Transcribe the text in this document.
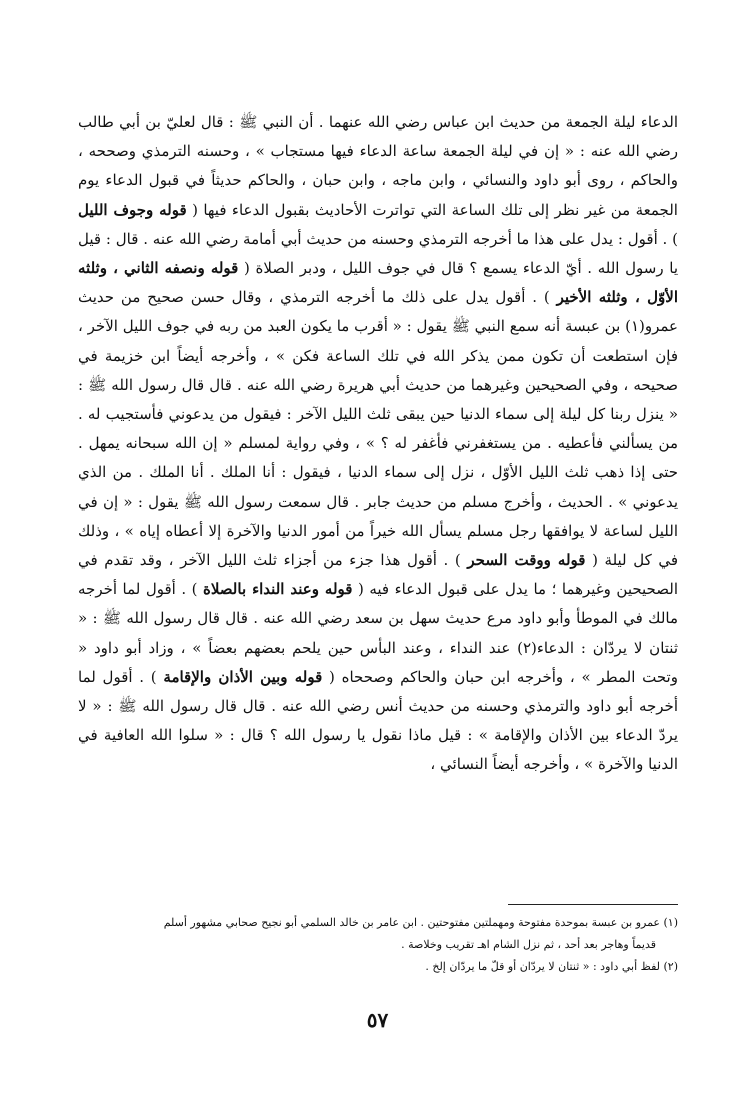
الدعاء ليلة الجمعة من حديث ابن عباس رضي الله عنهما . أن النبي ﷺ : قال لعليّ بن أبي طالب رضي الله عنه : « إن في ليلة الجمعة ساعة الدعاء فيها مستجاب » ، وحسنه الترمذي وصححه ، والحاكم ، روى أبو داود والنسائي ، وابن ماجه ، وابن حبان ، والحاكم حديثاً في قبول الدعاء يوم الجمعة من غير نظر إلى تلك الساعة التي تواترت الأحاديث بقبول الدعاء فيها ( قوله وجوف الليل ) . أقول : يدل على هذا ما أخرجه الترمذي وحسنه من حديث أبي أمامة رضي الله عنه . قال : قيل يا رسول الله . أيّ الدعاء يسمع ؟ قال في جوف الليل ، ودبر الصلاة ( قوله ونصفه الثاني ، وثلثه الأوّل ، وثلثه الأخير ) . أقول يدل على ذلك ما أخرجه الترمذي ، وقال حسن صحيح من حديث عمرو(١) بن عبسة أنه سمع النبي ﷺ يقول : « أقرب ما يكون العبد من ربه في جوف الليل الآخر ، فإن استطعت أن تكون ممن يذكر الله في تلك الساعة فكن » ، وأخرجه أيضاً ابن خزيمة في صحيحه ، وفي الصحيحين وغيرهما من حديث أبي هريرة رضي الله عنه . قال قال رسول الله ﷺ : « ينزل ربنا كل ليلة إلى سماء الدنيا حين يبقى ثلث الليل الآخر : فيقول من يدعوني فأستجيب له . من يسألني فأعطيه . من يستغفرني فأغفر له ؟ » ، وفي رواية لمسلم « إن الله سبحانه يمهل . حتى إذا ذهب ثلث الليل الأوّل ، نزل إلى سماء الدنيا ، فيقول : أنا الملك . أنا الملك . من الذي يدعوني » . الحديث ، وأخرج مسلم من حديث جابر . قال سمعت رسول الله ﷺ يقول : « إن في الليل لساعة لا يوافقها رجل مسلم يسأل الله خيراً من أمور الدنيا والآخرة إلا أعطاه إياه » ، وذلك في كل ليلة ( قوله ووقت السحر ) . أقول هذا جزء من أجزاء ثلث الليل الآخر ، وقد تقدم في الصحيحين وغيرهما ؛ ما يدل على قبول الدعاء فيه ( قوله وعند النداء بالصلاة ) . أقول لما أخرجه مالك في الموطأ وأبو داود مرع حديث سهل بن سعد رضي الله عنه . قال قال رسول الله ﷺ : « ثنتان لا يردّان : الدعاء(٢) عند النداء ، وعند البأس حين يلحم بعضهم بعضاً » ، وزاد أبو داود « وتحت المطر » ، وأخرجه ابن حبان والحاكم وصححاه ( قوله وبين الأذان والإقامة ) . أقول لما أخرجه أبو داود والترمذي وحسنه من حديث أنس رضي الله عنه . قال قال رسول الله ﷺ : « لا يردّ الدعاء بين الأذان والإقامة » : قيل ماذا نقول يا رسول الله ؟ قال : « سلوا الله العافية في الدنيا والآخرة » ، وأخرجه أيضاً النسائي ،

(١) عمرو بن عبسة بموحدة مفتوحة ومهملتين مفتوحتين . ابن عامر بن خالد السلمي أبو نجيح صحابي مشهور أسلم

قديماً وهاجر بعد أحد ، ثم نزل الشام اهـ تقريب وخلاصة .

(٢) لفظ أبي داود : « ثنتان لا يردّان أو قلّ ما يردّان إلخ .

٥٧
